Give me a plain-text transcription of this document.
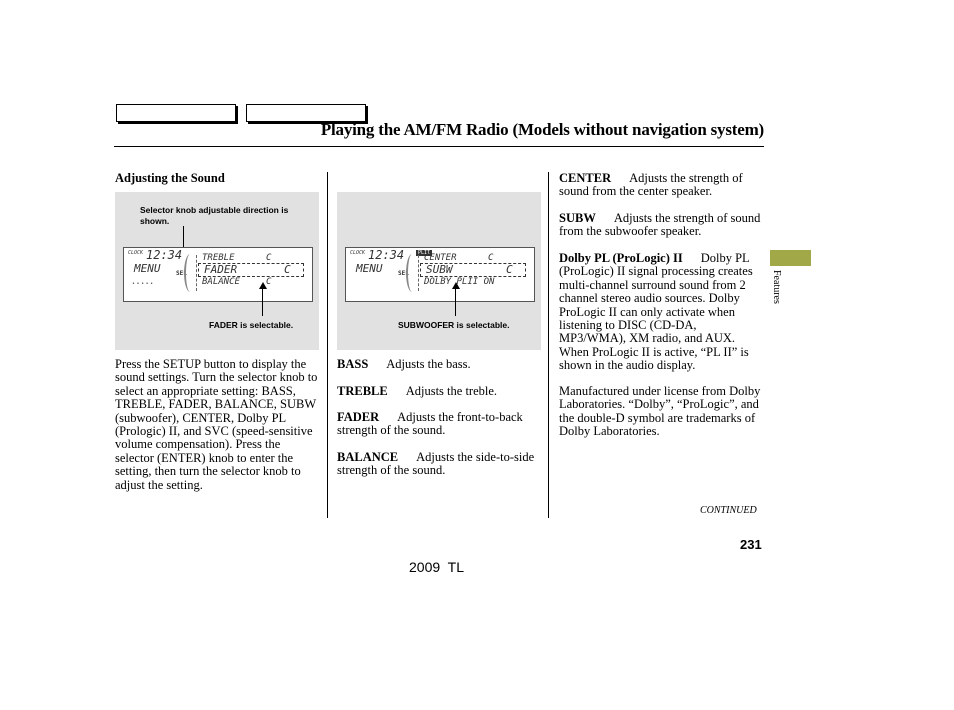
Playing the AM/FM Radio (Models without navigation system)
Features
Adjusting the Sound
Selector knob adjustable direction is shown.
CLOCK 12:34
MENU
• • • • •
SEL
TREBLE	C
FADER	C
BALANCE	C
FADER is selectable.
Press the SETUP button to display the sound settings. Turn the selector knob to select an appropriate setting: BASS, TREBLE, FADER, BALANCE, SUBW (subwoofer), CENTER, Dolby PL (Prologic) II, and SVC (speed-sensitive volume compensation). Press the selector (ENTER) knob to enter the setting, then turn the selector knob to adjust the setting.
CLOCK 12:34
MENU
PLII
SEL
CENTER	C
SUBW	C
DOLBY PLII ON
SUBWOOFER is selectable.
BASS Adjusts the bass.
TREBLE Adjusts the treble.
FADER Adjusts the front-to-back strength of the sound.
BALANCE Adjusts the side-to-side strength of the sound.
CENTER Adjusts the strength of sound from the center speaker.
SUBW Adjusts the strength of sound from the subwoofer speaker.
Dolby PL (ProLogic) II Dolby PL (ProLogic) II signal processing creates multi-channel surround sound from 2 channel stereo audio sources. Dolby ProLogic II can only activate when listening to DISC (CD-DA, MP3/WMA), XM radio, and AUX. When ProLogic II is active, “PL II” is shown in the audio display.
Manufactured under license from Dolby Laboratories. “Dolby”, “ProLogic”, and the double-D symbol are trademarks of Dolby Laboratories.
CONTINUED
231
2009  TL
